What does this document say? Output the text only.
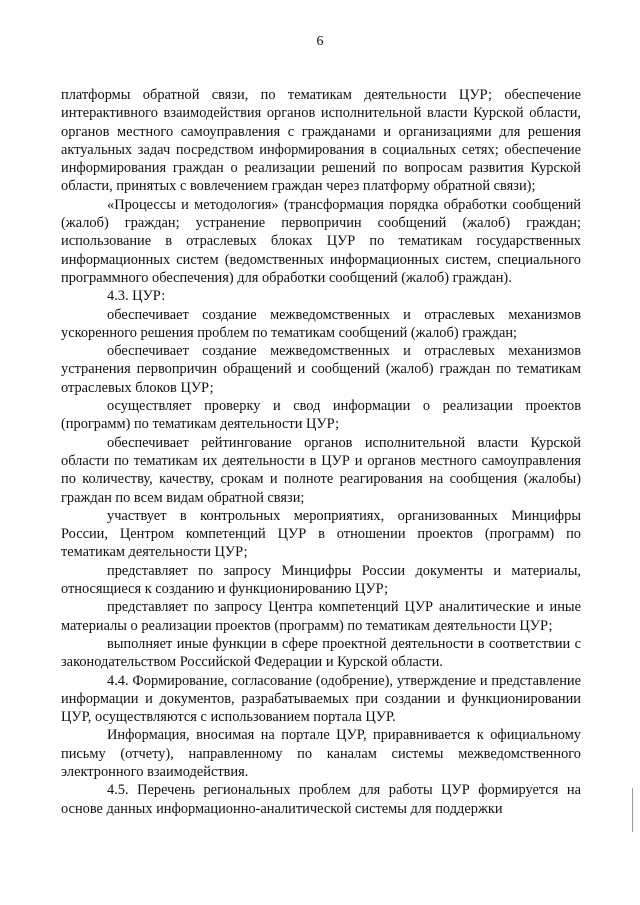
6

платформы обратной связи, по тематикам деятельности ЦУР; обеспечение интерактивного взаимодействия органов исполнительной власти Курской области, органов местного самоуправления с гражданами и организациями для решения актуальных задач посредством информирования в социальных сетях; обеспечение информирования граждан о реализации решений по вопросам развития Курской области, принятых с вовлечением граждан через платформу обратной связи);

«Процессы и методология» (трансформация порядка обработки сообщений (жалоб) граждан; устранение первопричин сообщений (жалоб) граждан; использование в отраслевых блоках ЦУР по тематикам государственных информационных систем (ведомственных информационных систем, специального программного обеспечения) для обработки сообщений (жалоб) граждан).

4.3. ЦУР:

обеспечивает создание межведомственных и отраслевых механизмов ускоренного решения проблем по тематикам сообщений (жалоб) граждан;

обеспечивает создание межведомственных и отраслевых механизмов устранения первопричин обращений и сообщений (жалоб) граждан по тематикам отраслевых блоков ЦУР;

осуществляет проверку и свод информации о реализации проектов (программ) по тематикам деятельности ЦУР;

обеспечивает рейтингование органов исполнительной власти Курской области по тематикам их деятельности в ЦУР и органов местного самоуправления по количеству, качеству, срокам и полноте реагирования на сообщения (жалобы) граждан по всем видам обратной связи;

участвует в контрольных мероприятиях, организованных Минцифры России, Центром компетенций ЦУР в отношении проектов (программ) по тематикам деятельности ЦУР;

представляет по запросу Минцифры России документы и материалы, относящиеся к созданию и функционированию ЦУР;

представляет по запросу Центра компетенций ЦУР аналитические и иные материалы о реализации проектов (программ) по тематикам деятельности ЦУР;

выполняет иные функции в сфере проектной деятельности в соответствии с законодательством Российской Федерации и Курской области.

4.4. Формирование, согласование (одобрение), утверждение и представление информации и документов, разрабатываемых при создании и функционировании ЦУР, осуществляются с использованием портала ЦУР.

Информация, вносимая на портале ЦУР, приравнивается к официальному письму (отчету), направленному по каналам системы межведомственного электронного взаимодействия.

4.5. Перечень региональных проблем для работы ЦУР формируется на основе данных информационно-аналитической системы для поддержки
